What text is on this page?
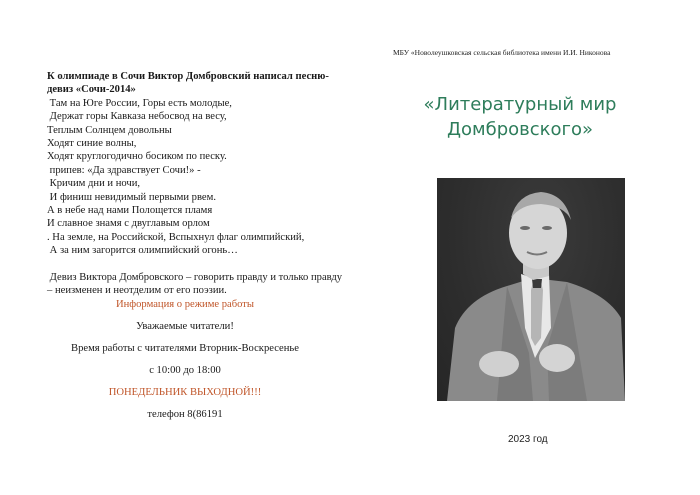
К олимпиаде в Сочи Виктор Домбровский написал песню-девиз «Сочи-2014»

Там на Юге России, Горы есть молодые,

Держат горы Кавказа небосвод на весу,

Теплым Солнцем довольны

Ходят синие волны,

Ходят круглогодично босиком по песку.

припев: «Да здравствует Сочи!» -

Кричим дни и ночи,

И финиш невидимый первыми рвем.

А в небе над нами Полощется пламя

И славное знамя с двуглавым орлом

. На земле, на Российской, Вспыхнул флаг олимпийский,

А за ним загорится олимпийский огонь…

Девиз Виктора Домбровского – говорить правду и только правду – неизменен и неотделим от его поэзии.

Информация о режиме работы

Уважаемые читатели!

Время работы с читателями Вторник-Воскресенье

с 10:00 до 18:00

ПОНЕДЕЛЬНИК ВЫХОДНОЙ!!!

телефон 8(86191

МБУ «Новолеушковская сельская библиотека имени И.И. Никонова
«Литературный мир
Домбровского»
2023 год
